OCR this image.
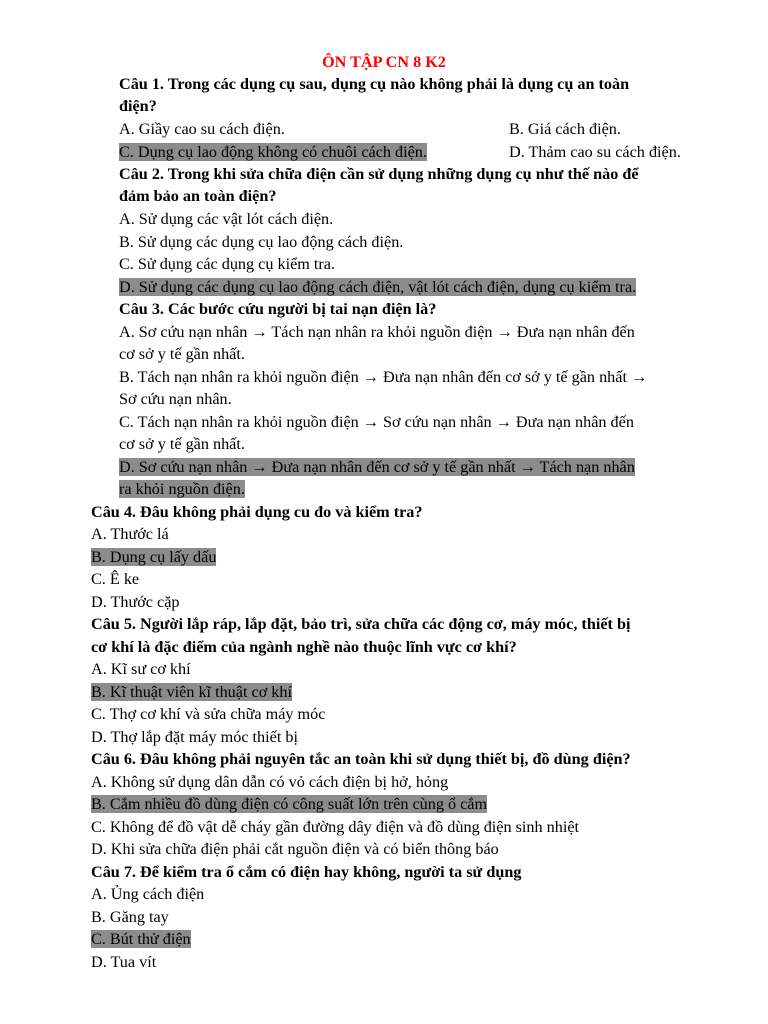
ÔN TẬP CN 8 K2
Câu 1. Trong các dụng cụ sau, dụng cụ nào không phải là dụng cụ an toàn
điện?
A. Giầy cao su cách điện.	B. Giá cách điện.
C. Dụng cụ lao động không có chuôi cách điện.	D. Thảm cao su cách điện.
Câu 2. Trong khi sửa chữa điện cần sử dụng những dụng cụ như thế nào để
đảm bảo an toàn điện?
A. Sử dụng các vật lót cách điện.
B. Sử dụng các dụng cụ lao động cách điện.
C. Sử dụng các dụng cụ kiểm tra.
D. Sử dụng các dụng cụ lao động cách điện, vật lót cách điện, dụng cụ kiểm tra.
Câu 3. Các bước cứu người bị tai nạn điện là?
A. Sơ cứu nạn nhân → Tách nạn nhân ra khỏi nguồn điện → Đưa nạn nhân đến
cơ sở y tế gần nhất.
B. Tách nạn nhân ra khỏi nguồn điện → Đưa nạn nhân đến cơ sở y tế gần nhất →
Sơ cứu nạn nhân.
C. Tách nạn nhân ra khỏi nguồn điện → Sơ cứu nạn nhân → Đưa nạn nhân đến
cơ sở y tế gần nhất.
D. Sơ cứu nạn nhân → Đưa nạn nhân đến cơ sở y tế gần nhất → Tách nạn nhân
ra khỏi nguồn điện.
Câu 4. Đâu không phải dụng cu đo và kiểm tra?
A. Thước lá
B. Dụng cụ lấy dấu
C. Ê ke
D. Thước cặp
Câu 5. Người lắp ráp, lắp đặt, bảo trì, sửa chữa các động cơ, máy móc, thiết bị
cơ khí là đặc điểm của ngành nghề nào thuộc lĩnh vực cơ khí?
A. Kĩ sư cơ khí
B. Kĩ thuật viên kĩ thuật cơ khí
C. Thợ cơ khí và sửa chữa máy móc
D. Thợ lắp đặt máy móc thiết bị
Câu 6. Đâu không phải nguyên tắc an toàn khi sử dụng thiết bị, đồ dùng điện?
A. Không sử dụng dân dẫn có vỏ cách điện bị hở, hỏng
B. Cắm nhiều đồ dùng điện có công suất lớn trên cùng ổ cắm
C. Không để đồ vật dễ cháy gần đường dây điện và đồ dùng điện sinh nhiệt
D. Khi sửa chữa điện phải cắt nguồn điện và có biển thông báo
Câu 7. Để kiểm tra ổ cắm có điện hay không, người ta sử dụng
A. Ủng cách điện
B. Găng tay
C. Bút thử điện
D. Tua vít
